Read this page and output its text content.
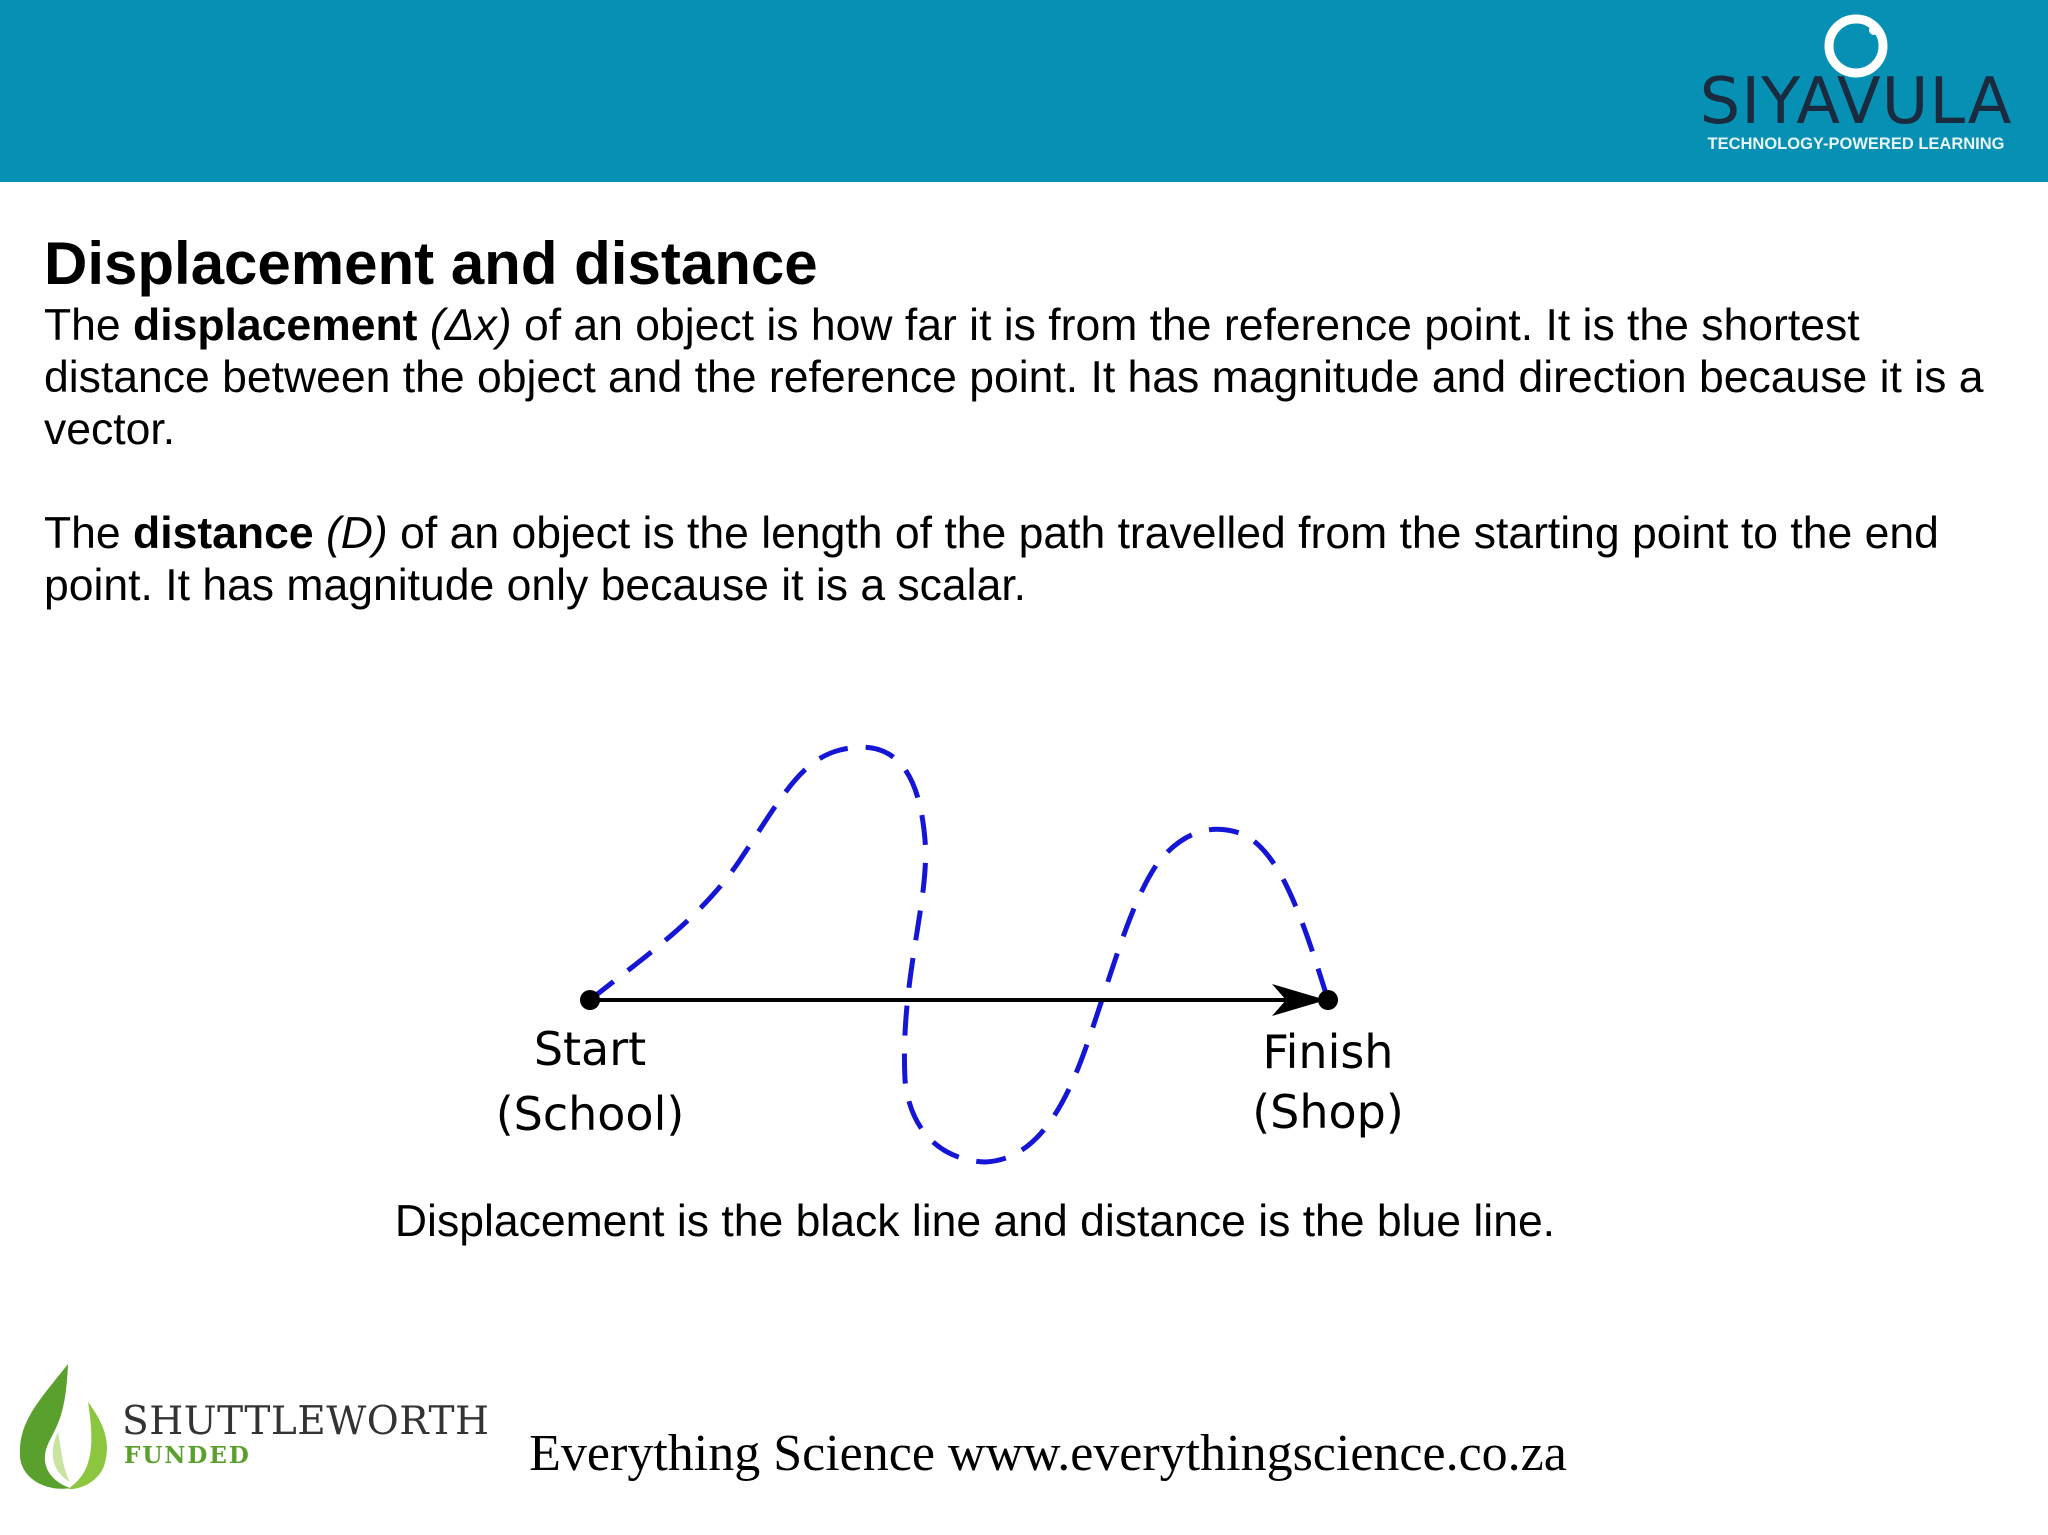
SIYAVULA
TECHNOLOGY-POWERED LEARNING
Displacement and distance

The displacement (Δx) of an object is how far it is from the reference point. It is the shortest distance between the object and the reference point. It has magnitude and direction because it is a vector.

The distance (D) of an object is the length of the path travelled from the starting point to the end point. It has magnitude only because it is a scalar.

Start
(School)
Finish
(Shop)

Displacement is the black line and distance is the blue line.

SHUTTLEWORTH
FUNDED	Everything Science www.everythingscience.co.za
